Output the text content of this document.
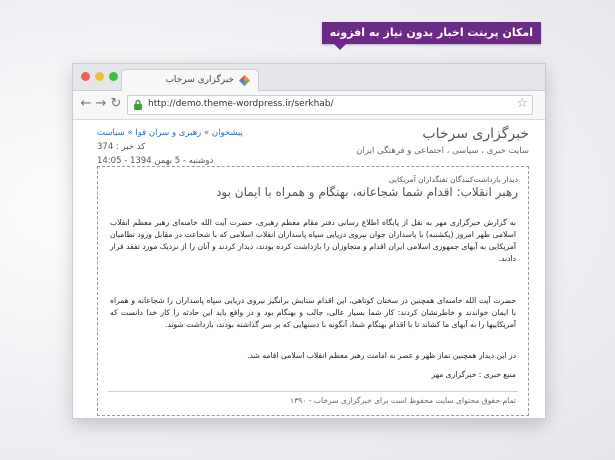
امکان پرینت اخبار بدون نیاز به افزونه
خبرگزاری سرخاب
← → ↻	http://demo.theme-wordpress.ir/serkhab/	☆
خبرگزاری سرخاب
سایت خبری ، سیاسی ، اجتماعی و فرهنگی ایران
پیشخوان » رهبری و سران قوا » سیاست
کد خبر : 374
دوشنبه - 5 بهمن 1394 - 14:05
دیدار بازداشت‌کنندگان تفنگداران آمریکایی
رهبر انقلاب: اقدام شما شجاعانه، بهنگام و همراه با ایمان بود
به گزارش خبرگزاری مهر به نقل از پایگاه اطلاع رسانی دفتر مقام معظم رهبری، حضرت آیت الله خامنه‌ای رهبر معظم انقلاب اسلامی ظهر امروز (یکشنبه) با پاسداران جوان نیروی دریایی سپاه پاسداران انقلاب اسلامی که با شجاعت در مقابل ورود نظامیان آمریکایی به آبهای جمهوری اسلامی ایران اقدام و متجاوزان را بازداشت کرده بودند، دیدار کردند و آنان را از نزدیک مورد تفقد قرار دادند.
حضرت آیت الله خامنه‌ای همچنین در سخنان کوتاهی، این اقدام ستایش برانگیز نیروی دریایی سپاه پاسداران را شجاعانه و همراه با ایمان خواندند و خاطرنشان کردند: کار شما بسیار عالی، جالب و بهنگام بود و در واقع باید این حادثه را کار خدا دانست که آمریکاییها را به آبهای ما کشاند تا با اقدام بهنگام شما، آنگونه با دستهایی که بر سر گذاشته بودند، بازداشت شوند.
در این دیدار همچنین نماز ظهر و عصر به امامت رهبر معظم انقلاب اسلامی اقامه شد.
منبع خبری : خبرگزاری مهر
تمام حقوق محتوای سایت محفوظ است برای خبرگزاری سرخاب - ۱۳۹۰
